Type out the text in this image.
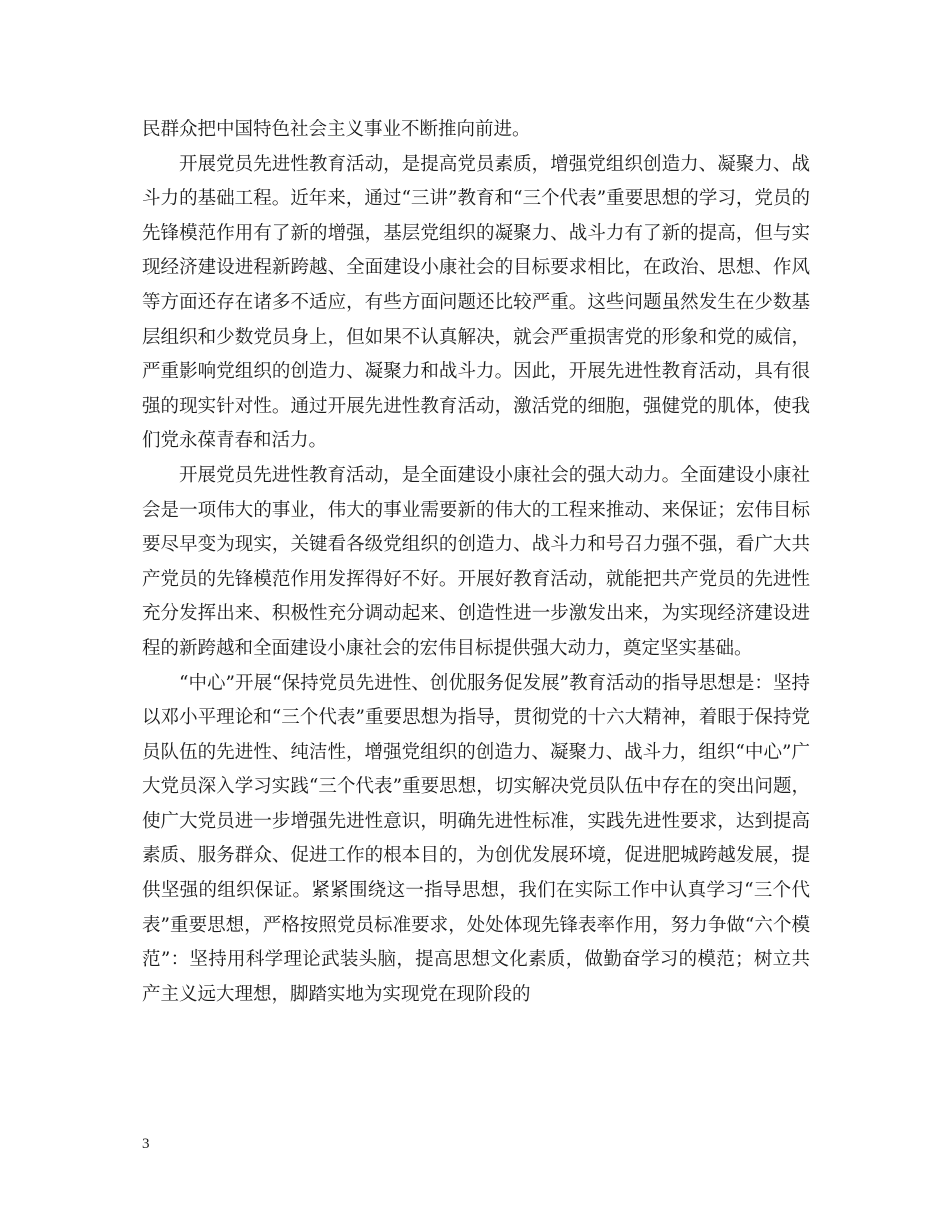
民群众把中国特色社会主义事业不断推向前进。

开展党员先进性教育活动，是提高党员素质，增强党组织创造力、凝聚力、战斗力的基础工程。近年来，通过“三讲”教育和“三个代表”重要思想的学习，党员的先锋模范作用有了新的增强，基层党组织的凝聚力、战斗力有了新的提高，但与实现经济建设进程新跨越、全面建设小康社会的目标要求相比，在政治、思想、作风等方面还存在诸多不适应，有些方面问题还比较严重。这些问题虽然发生在少数基层组织和少数党员身上，但如果不认真解决，就会严重损害党的形象和党的威信，严重影响党组织的创造力、凝聚力和战斗力。因此，开展先进性教育活动，具有很强的现实针对性。通过开展先进性教育活动，激活党的细胞，强健党的肌体，使我们党永葆青春和活力。

开展党员先进性教育活动，是全面建设小康社会的强大动力。全面建设小康社会是一项伟大的事业，伟大的事业需要新的伟大的工程来推动、来保证；宏伟目标要尽早变为现实，关键看各级党组织的创造力、战斗力和号召力强不强，看广大共产党员的先锋模范作用发挥得好不好。开展好教育活动，就能把共产党员的先进性充分发挥出来、积极性充分调动起来、创造性进一步激发出来，为实现经济建设进程的新跨越和全面建设小康社会的宏伟目标提供强大动力，奠定坚实基础。

“中心”开展“保持党员先进性、创优服务促发展”教育活动的指导思想是：坚持以邓小平理论和“三个代表”重要思想为指导，贯彻党的十六大精神，着眼于保持党员队伍的先进性、纯洁性，增强党组织的创造力、凝聚力、战斗力，组织“中心”广大党员深入学习实践“三个代表”重要思想，切实解决党员队伍中存在的突出问题，使广大党员进一步增强先进性意识，明确先进性标准，实践先进性要求，达到提高素质、服务群众、促进工作的根本目的，为创优发展环境，促进肥城跨越发展，提供坚强的组织保证。紧紧围绕这一指导思想，我们在实际工作中认真学习“三个代表”重要思想，严格按照党员标准要求，处处体现先锋表率作用，努力争做“六个模范”：坚持用科学理论武装头脑，提高思想文化素质，做勤奋学习的模范；树立共产主义远大理想，脚踏实地为实现党在现阶段的

3
